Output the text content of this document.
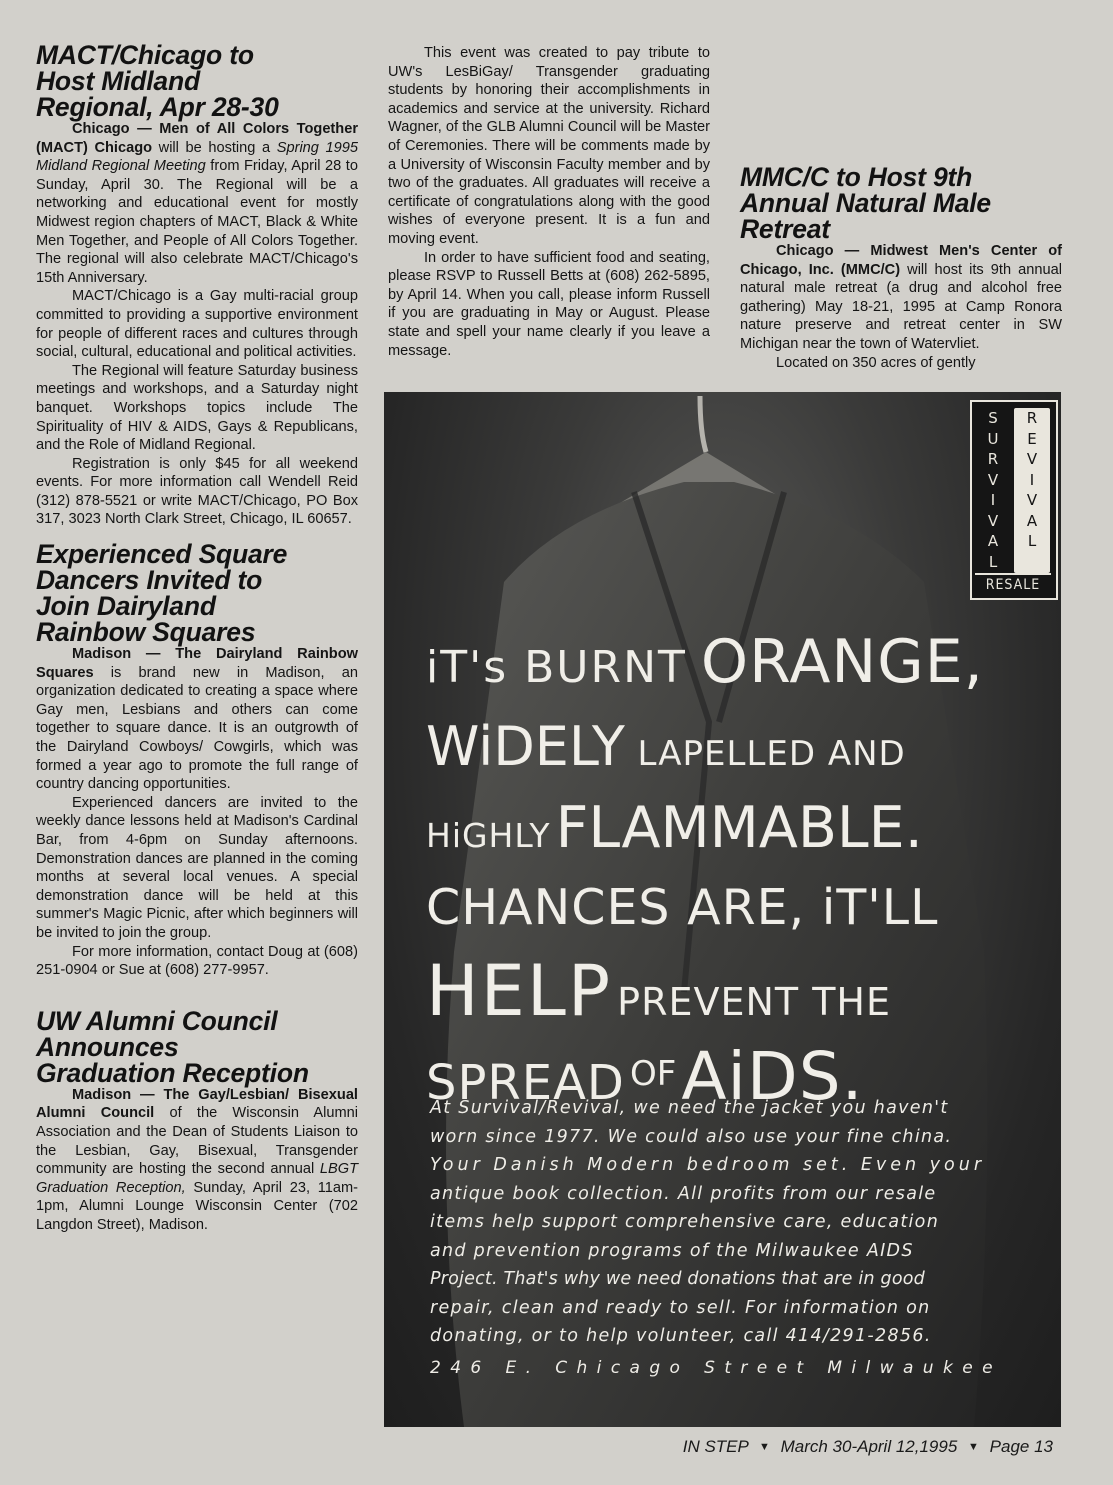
MACT/Chicago to
Host Midland
Regional, Apr 28-30

Chicago — Men of All Colors Together (MACT) Chicago will be hosting a Spring 1995 Midland Regional Meeting from Friday, April 28 to Sunday, April 30. The Regional will be a networking and educational event for mostly Midwest region chapters of MACT, Black & White Men Together, and People of All Colors Together. The regional will also celebrate MACT/Chicago's 15th Anniversary.

MACT/Chicago is a Gay multi-racial group committed to providing a supportive environment for people of different races and cultures through social, cultural, educational and political activities.

The Regional will feature Saturday business meetings and workshops, and a Saturday night banquet. Workshops topics include The Spirituality of HIV & AIDS, Gays & Republicans, and the Role of Midland Regional.

Registration is only $45 for all weekend events. For more information call Wendell Reid (312) 878-5521 or write MACT/Chicago, PO Box 317, 3023 North Clark Street, Chicago, IL 60657.

Experienced Square
Dancers Invited to
Join Dairyland
Rainbow Squares

Madison — The Dairyland Rainbow Squares is brand new in Madison, an organization dedicated to creating a space where Gay men, Lesbians and others can come together to square dance. It is an outgrowth of the Dairyland Cowboys/ Cowgirls, which was formed a year ago to promote the full range of country dancing opportunities.

Experienced dancers are invited to the weekly dance lessons held at Madison's Cardinal Bar, from 4-6pm on Sunday afternoons. Demonstration dances are planned in the coming months at several local venues. A special demonstration dance will be held at this summer's Magic Picnic, after which beginners will be invited to join the group.

For more information, contact Doug at (608) 251-0904 or Sue at (608) 277-9957.

UW Alumni Council
Announces
Graduation Reception

Madison — The Gay/Lesbian/ Bisexual Alumni Council of the Wisconsin Alumni Association and the Dean of Students Liaison to the Lesbian, Gay, Bisexual, Transgender community are hosting the second annual LBGT Graduation Reception, Sunday, April 23, 11am-1pm, Alumni Lounge Wisconsin Center (702 Langdon Street), Madison.

This event was created to pay tribute to UW's LesBiGay/ Transgender graduating students by honoring their accomplishments in academics and service at the university. Richard Wagner, of the GLB Alumni Council will be Master of Ceremonies. There will be comments made by a University of Wisconsin Faculty member and by two of the graduates. All graduates will receive a certificate of congratulations along with the good wishes of everyone present. It is a fun and moving event.

In order to have sufficient food and seating, please RSVP to Russell Betts at (608) 262-5895, by April 14. When you call, please inform Russell if you are graduating in May or August. Please state and spell your name clearly if you leave a message.

MMC/C to Host 9th
Annual Natural Male
Retreat

Chicago — Midwest Men's Center of Chicago, Inc. (MMC/C) will host its 9th annual natural male retreat (a drug and alcohol free gathering) May 18-21, 1995 at Camp Ronora nature preserve and retreat center in SW Michigan near the town of Watervliet.

Located on 350 acres of gently

S
U
R
V
I
V
A
L
R
E
V
I
V
A
L
RESALE
iT's BURNT ORANGE,
WiDELY LAPELLED AND
HiGHLY FLAMMABLE.
CHANCES ARE, iT'LL
HELP PREVENT THE
SPREAD OF AiDS.
At Survival/Revival, we need the jacket you haven't
worn since 1977. We could also use your fine china.
Your Danish Modern bedroom set. Even your
antique book collection. All profits from our resale
items help support comprehensive care, education
and prevention programs of the Milwaukee AIDS
Project. That's why we need donations that are in good
repair, clean and ready to sell. For information on
donating, or to help volunteer, call 414/291-2856.
246 E. Chicago Street Milwaukee
IN STEP ▼ March 30-April 12,1995 ▼ Page 13
